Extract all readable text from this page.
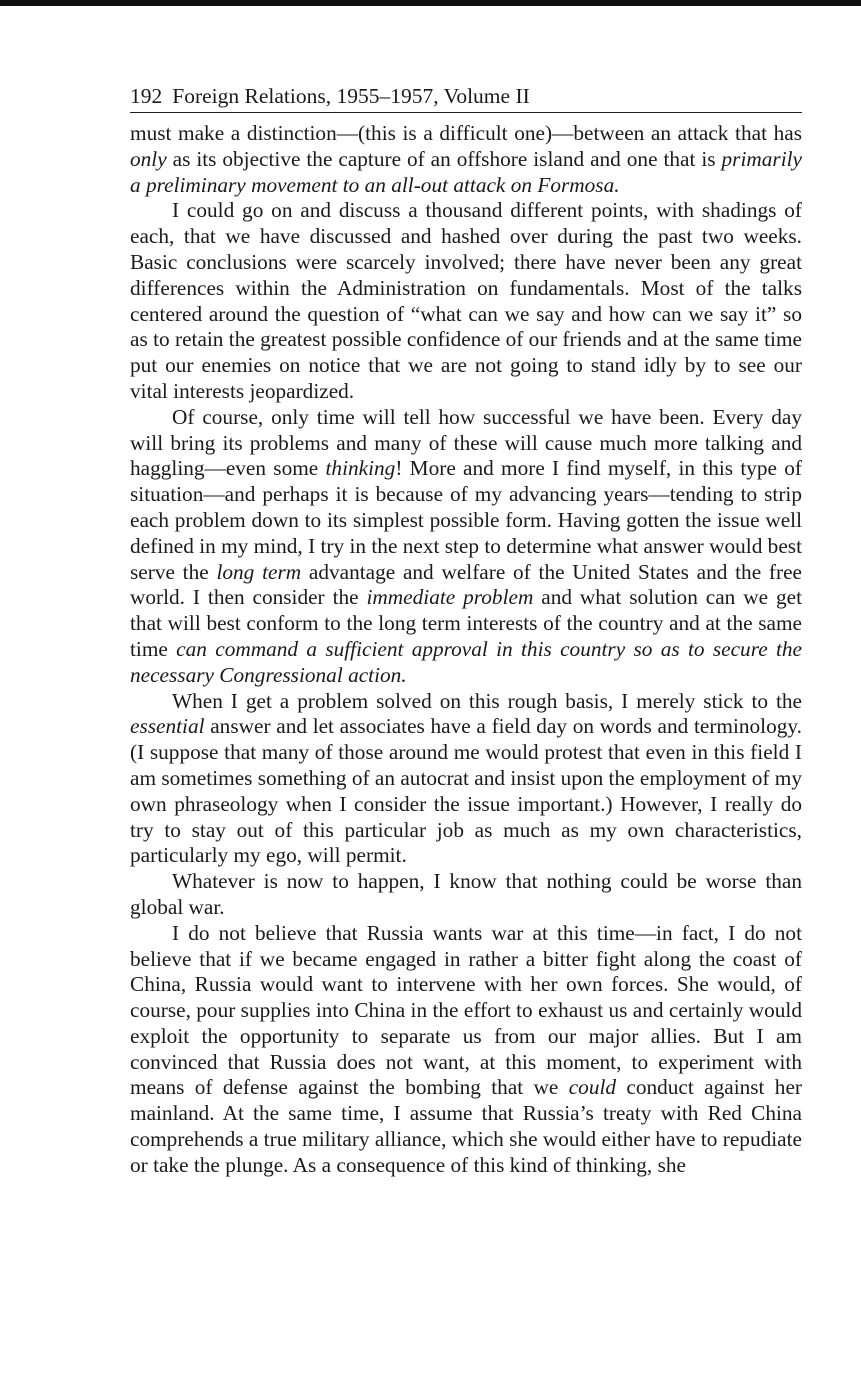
192 Foreign Relations, 1955–1957, Volume II

must make a distinction—(this is a difficult one)—between an attack that has only as its objective the capture of an offshore island and one that is primarily a preliminary movement to an all-out attack on Formosa.

I could go on and discuss a thousand different points, with shadings of each, that we have discussed and hashed over during the past two weeks. Basic conclusions were scarcely involved; there have never been any great differences within the Administration on fundamentals. Most of the talks centered around the question of “what can we say and how can we say it” so as to retain the greatest possible confidence of our friends and at the same time put our enemies on notice that we are not going to stand idly by to see our vital interests jeopardized.

Of course, only time will tell how successful we have been. Every day will bring its problems and many of these will cause much more talking and haggling—even some thinking! More and more I find myself, in this type of situation—and perhaps it is because of my advancing years—tending to strip each problem down to its simplest possible form. Having gotten the issue well defined in my mind, I try in the next step to determine what answer would best serve the long term advantage and welfare of the United States and the free world. I then consider the immediate problem and what solution can we get that will best conform to the long term interests of the country and at the same time can command a sufficient approval in this country so as to secure the necessary Congressional action.

When I get a problem solved on this rough basis, I merely stick to the essential answer and let associates have a field day on words and terminology. (I suppose that many of those around me would protest that even in this field I am sometimes something of an autocrat and insist upon the employment of my own phraseology when I consider the issue important.) However, I really do try to stay out of this particular job as much as my own characteristics, particularly my ego, will permit.

Whatever is now to happen, I know that nothing could be worse than global war.

I do not believe that Russia wants war at this time—in fact, I do not believe that if we became engaged in rather a bitter fight along the coast of China, Russia would want to intervene with her own forces. She would, of course, pour supplies into China in the effort to exhaust us and certainly would exploit the opportunity to separate us from our major allies. But I am convinced that Russia does not want, at this moment, to experiment with means of defense against the bombing that we could conduct against her mainland. At the same time, I assume that Russia’s treaty with Red China comprehends a true military alliance, which she would either have to repudiate or take the plunge. As a consequence of this kind of thinking, she
